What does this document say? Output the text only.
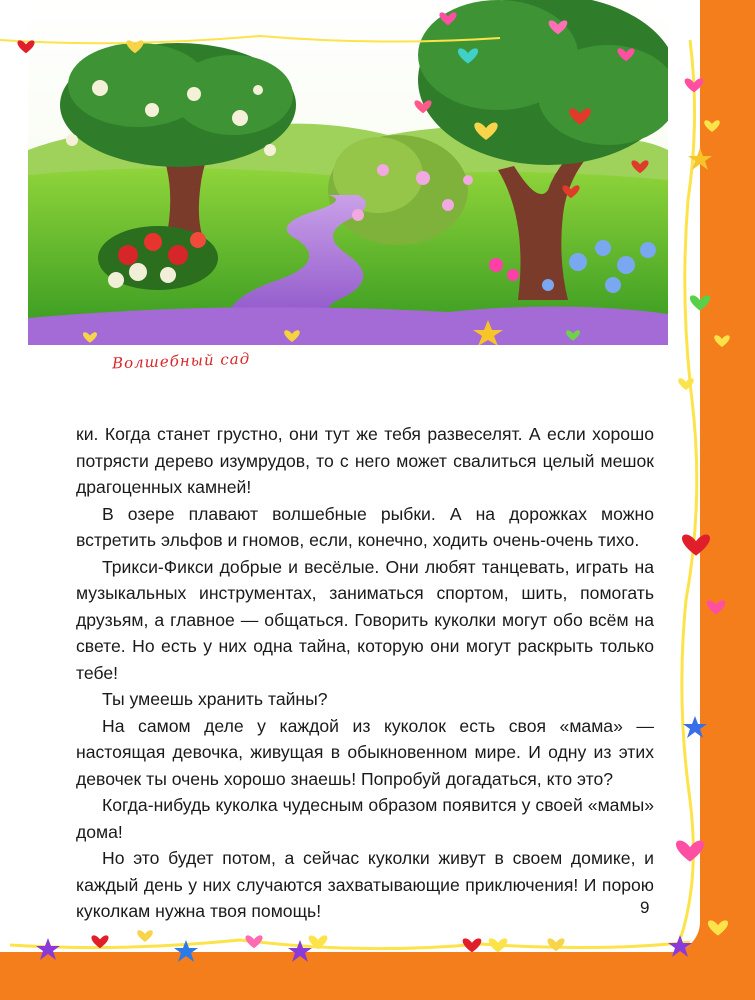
Волшебный сад

ки. Когда станет грустно, они тут же тебя развеселят. А если хорошо потрясти дерево изумрудов, то с него может свалиться целый мешок драгоценных камней!

В озере плавают волшебные рыбки. А на дорожках можно встретить эльфов и гномов, если, конечно, ходить очень-очень тихо.

Трикси-Фикси добрые и весёлые. Они любят танцевать, играть на музыкальных инструментах, заниматься спортом, шить, помогать друзьям, а главное — общаться. Говорить куколки могут обо всём на свете. Но есть у них одна тайна, которую они могут раскрыть только тебе!

Ты умеешь хранить тайны?

На самом деле у каждой из куколок есть своя «мама» — настоящая девочка, живущая в обыкновенном мире. И одну из этих девочек ты очень хорошо знаешь! Попробуй догадаться, кто это?

Когда-нибудь куколка чудесным образом появится у своей «мамы» дома!

Но это будет потом, а сейчас куколки живут в своем домике, и каждый день у них случаются захватывающие приключения! И порою куколкам нужна твоя помощь!	9
